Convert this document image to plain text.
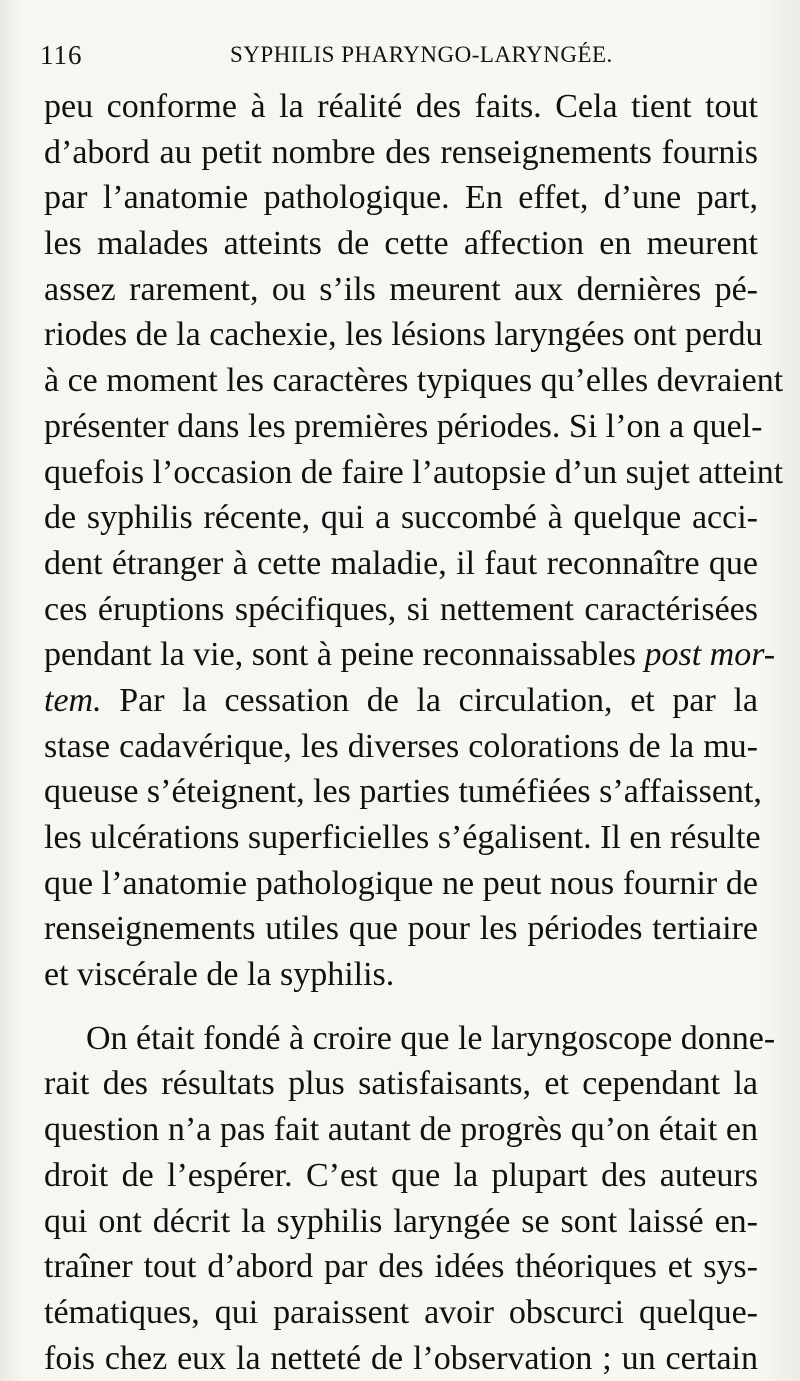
116	SYPHILIS PHARYNGO-LARYNGÉE.
peu conforme à la réalité des faits. Cela tient tout
d’abord au petit nombre des renseignements fournis
par l’anatomie pathologique. En effet, d’une part,
les malades atteints de cette affection en meurent
assez rarement, ou s’ils meurent aux dernières pé-
riodes de la cachexie, les lésions laryngées ont perdu
à ce moment les caractères typiques qu’elles devraient
présenter dans les premières périodes. Si l’on a quel-
quefois l’occasion de faire l’autopsie d’un sujet atteint
de syphilis récente, qui a succombé à quelque acci-
dent étranger à cette maladie, il faut reconnaître que
ces éruptions spécifiques, si nettement caractérisées
pendant la vie, sont à peine reconnaissables post mor-
tem. Par la cessation de la circulation, et par la
stase cadavérique, les diverses colorations de la mu-
queuse s’éteignent, les parties tuméfiées s’affaissent,
les ulcérations superficielles s’égalisent. Il en résulte
que l’anatomie pathologique ne peut nous fournir de
renseignements utiles que pour les périodes tertiaire
et viscérale de la syphilis.
On était fondé à croire que le laryngoscope donne-
rait des résultats plus satisfaisants, et cependant la
question n’a pas fait autant de progrès qu’on était en
droit de l’espérer. C’est que la plupart des auteurs
qui ont décrit la syphilis laryngée se sont laissé en-
traîner tout d’abord par des idées théoriques et sys-
tématiques, qui paraissent avoir obscurci quelque-
fois chez eux la netteté de l’observation ; un certain
